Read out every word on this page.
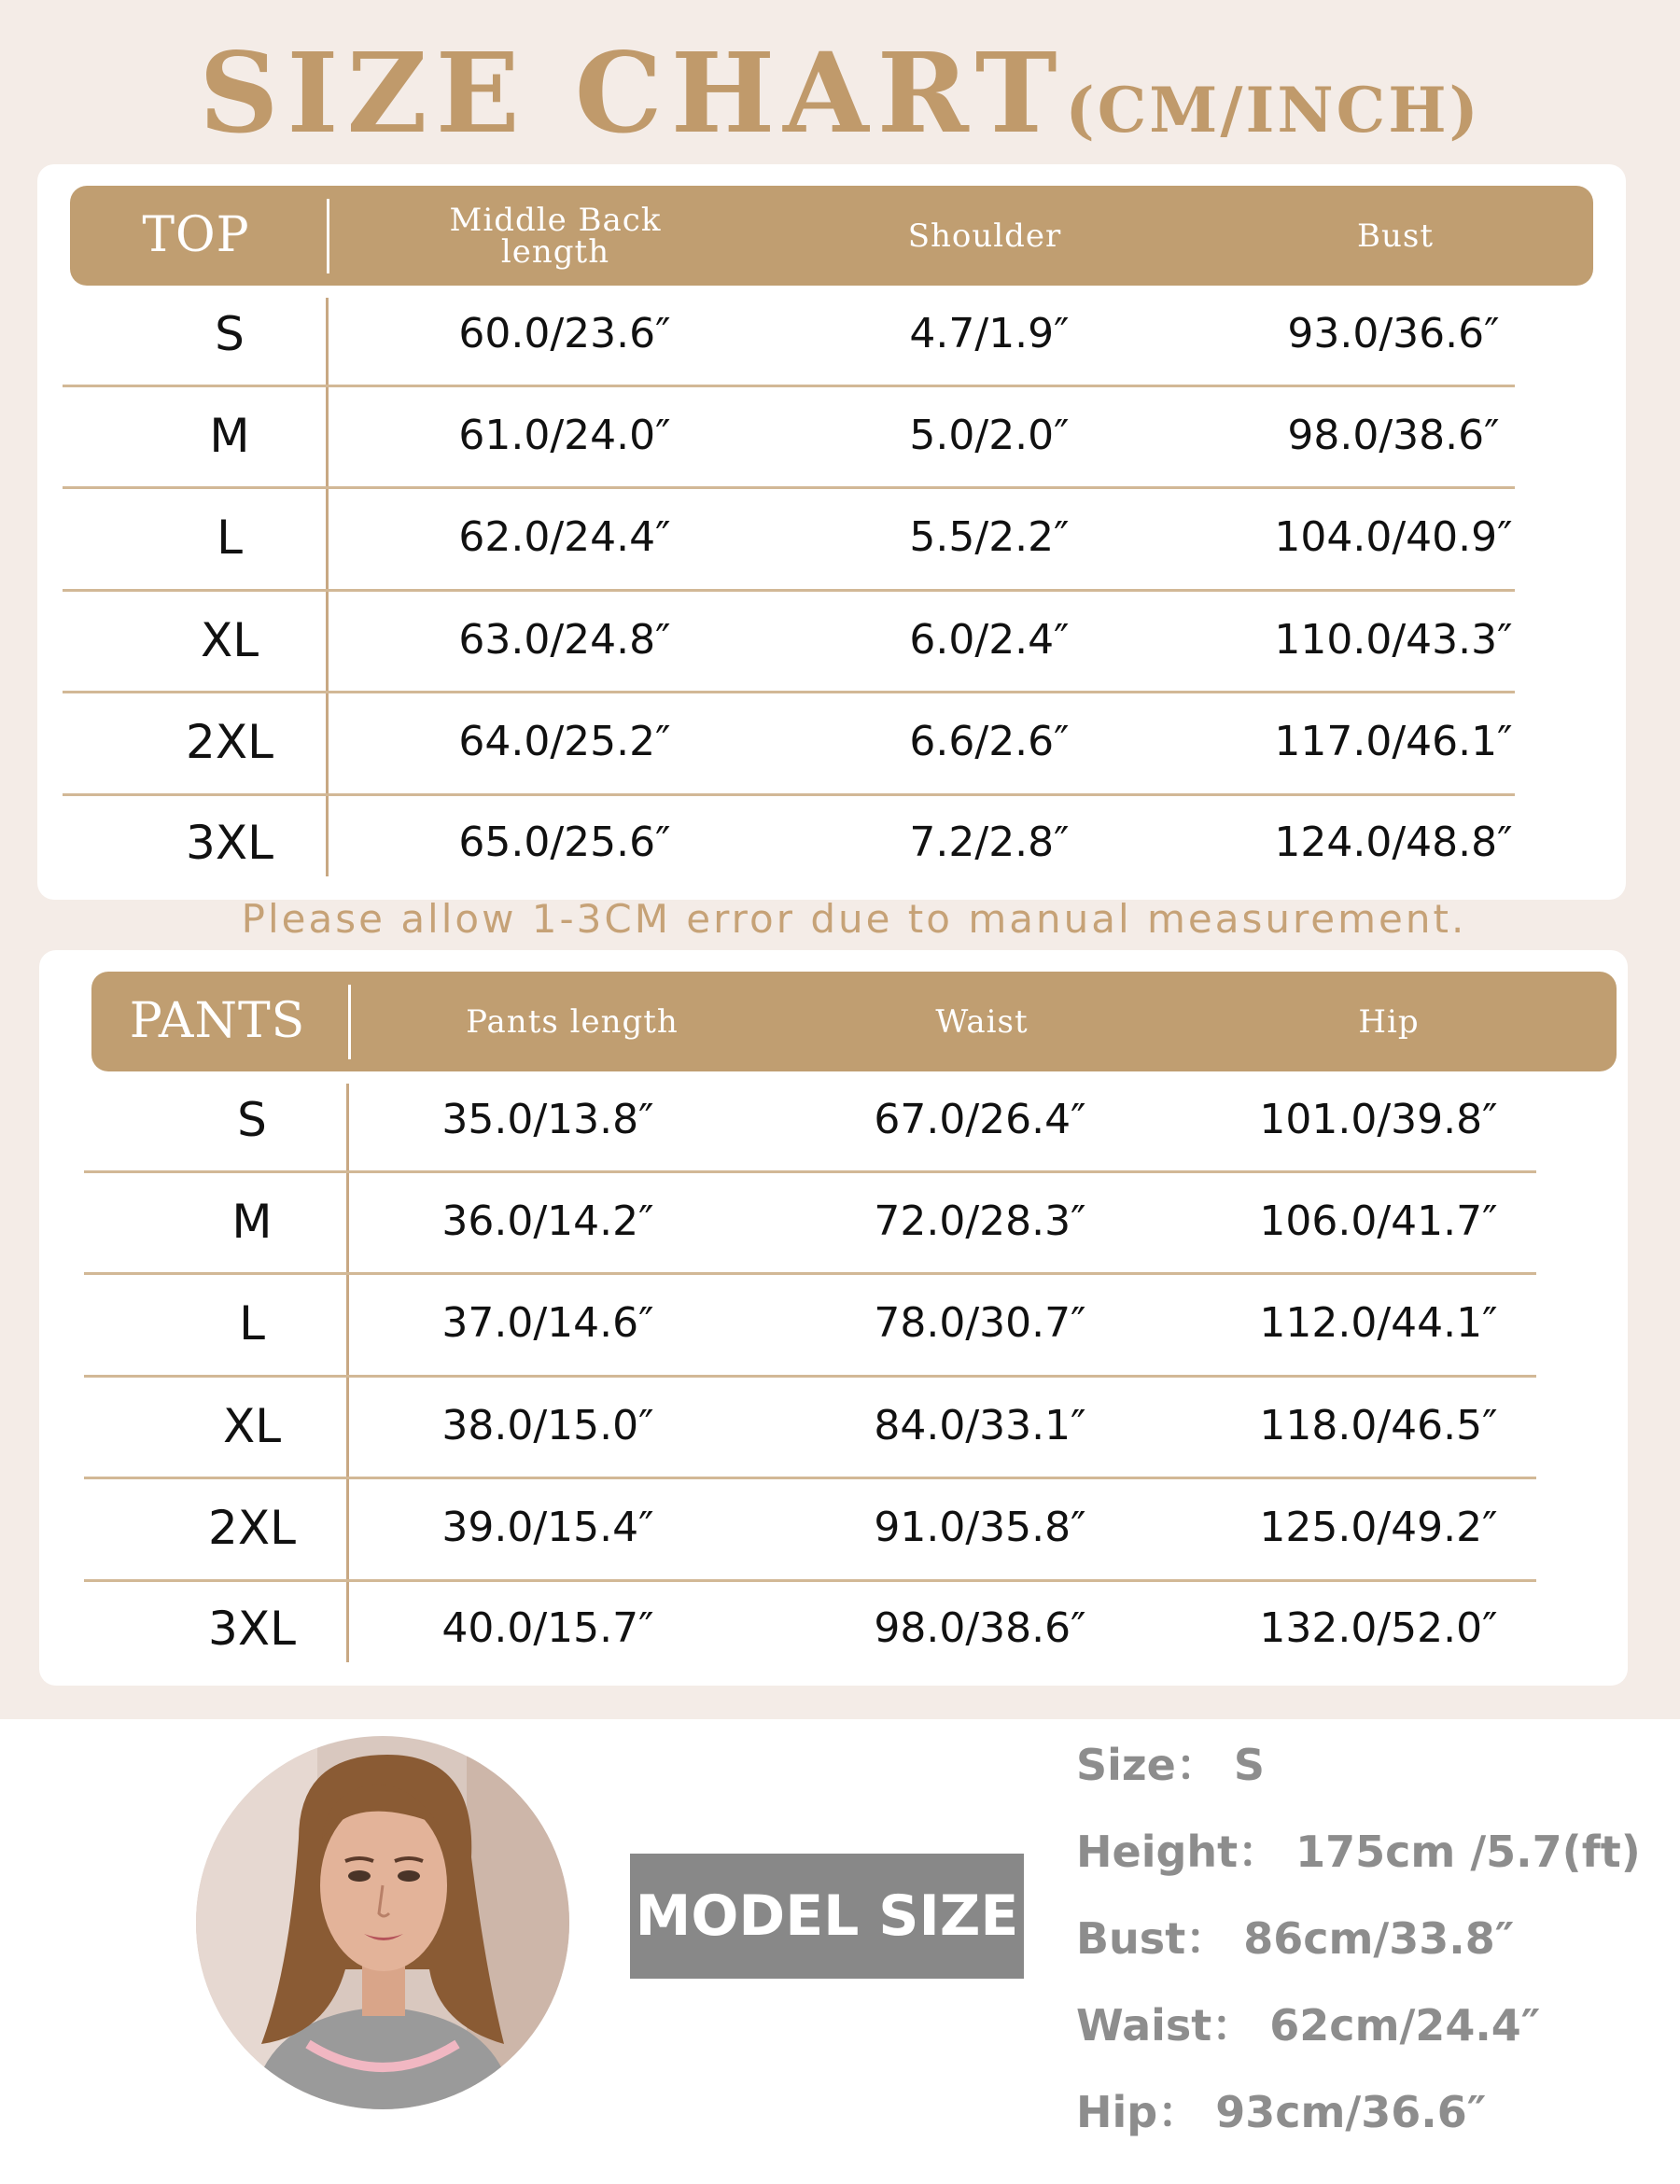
SIZE CHART(CM/INCH)
TOP	Middle Back length	Shoulder	Bust
S	60.0/23.6″	4.7/1.9″	93.0/36.6″
M	61.0/24.0″	5.0/2.0″	98.0/38.6″
L	62.0/24.4″	5.5/2.2″	104.0/40.9″
XL	63.0/24.8″	6.0/2.4″	110.0/43.3″
2XL	64.0/25.2″	6.6/2.6″	117.0/46.1″
3XL	65.0/25.6″	7.2/2.8″	124.0/48.8″
Please allow 1-3CM error due to manual measurement.
PANTS	Pants length	Waist	Hip
S	35.0/13.8″	67.0/26.4″	101.0/39.8″
M	36.0/14.2″	72.0/28.3″	106.0/41.7″
L	37.0/14.6″	78.0/30.7″	112.0/44.1″
XL	38.0/15.0″	84.0/33.1″	118.0/46.5″
2XL	39.0/15.4″	91.0/35.8″	125.0/49.2″
3XL	40.0/15.7″	98.0/38.6″	132.0/52.0″
MODEL SIZE
Size： S
Height： 175cm /5.7(ft)
Bust： 86cm/33.8″
Waist： 62cm/24.4″
Hip： 93cm/36.6″
